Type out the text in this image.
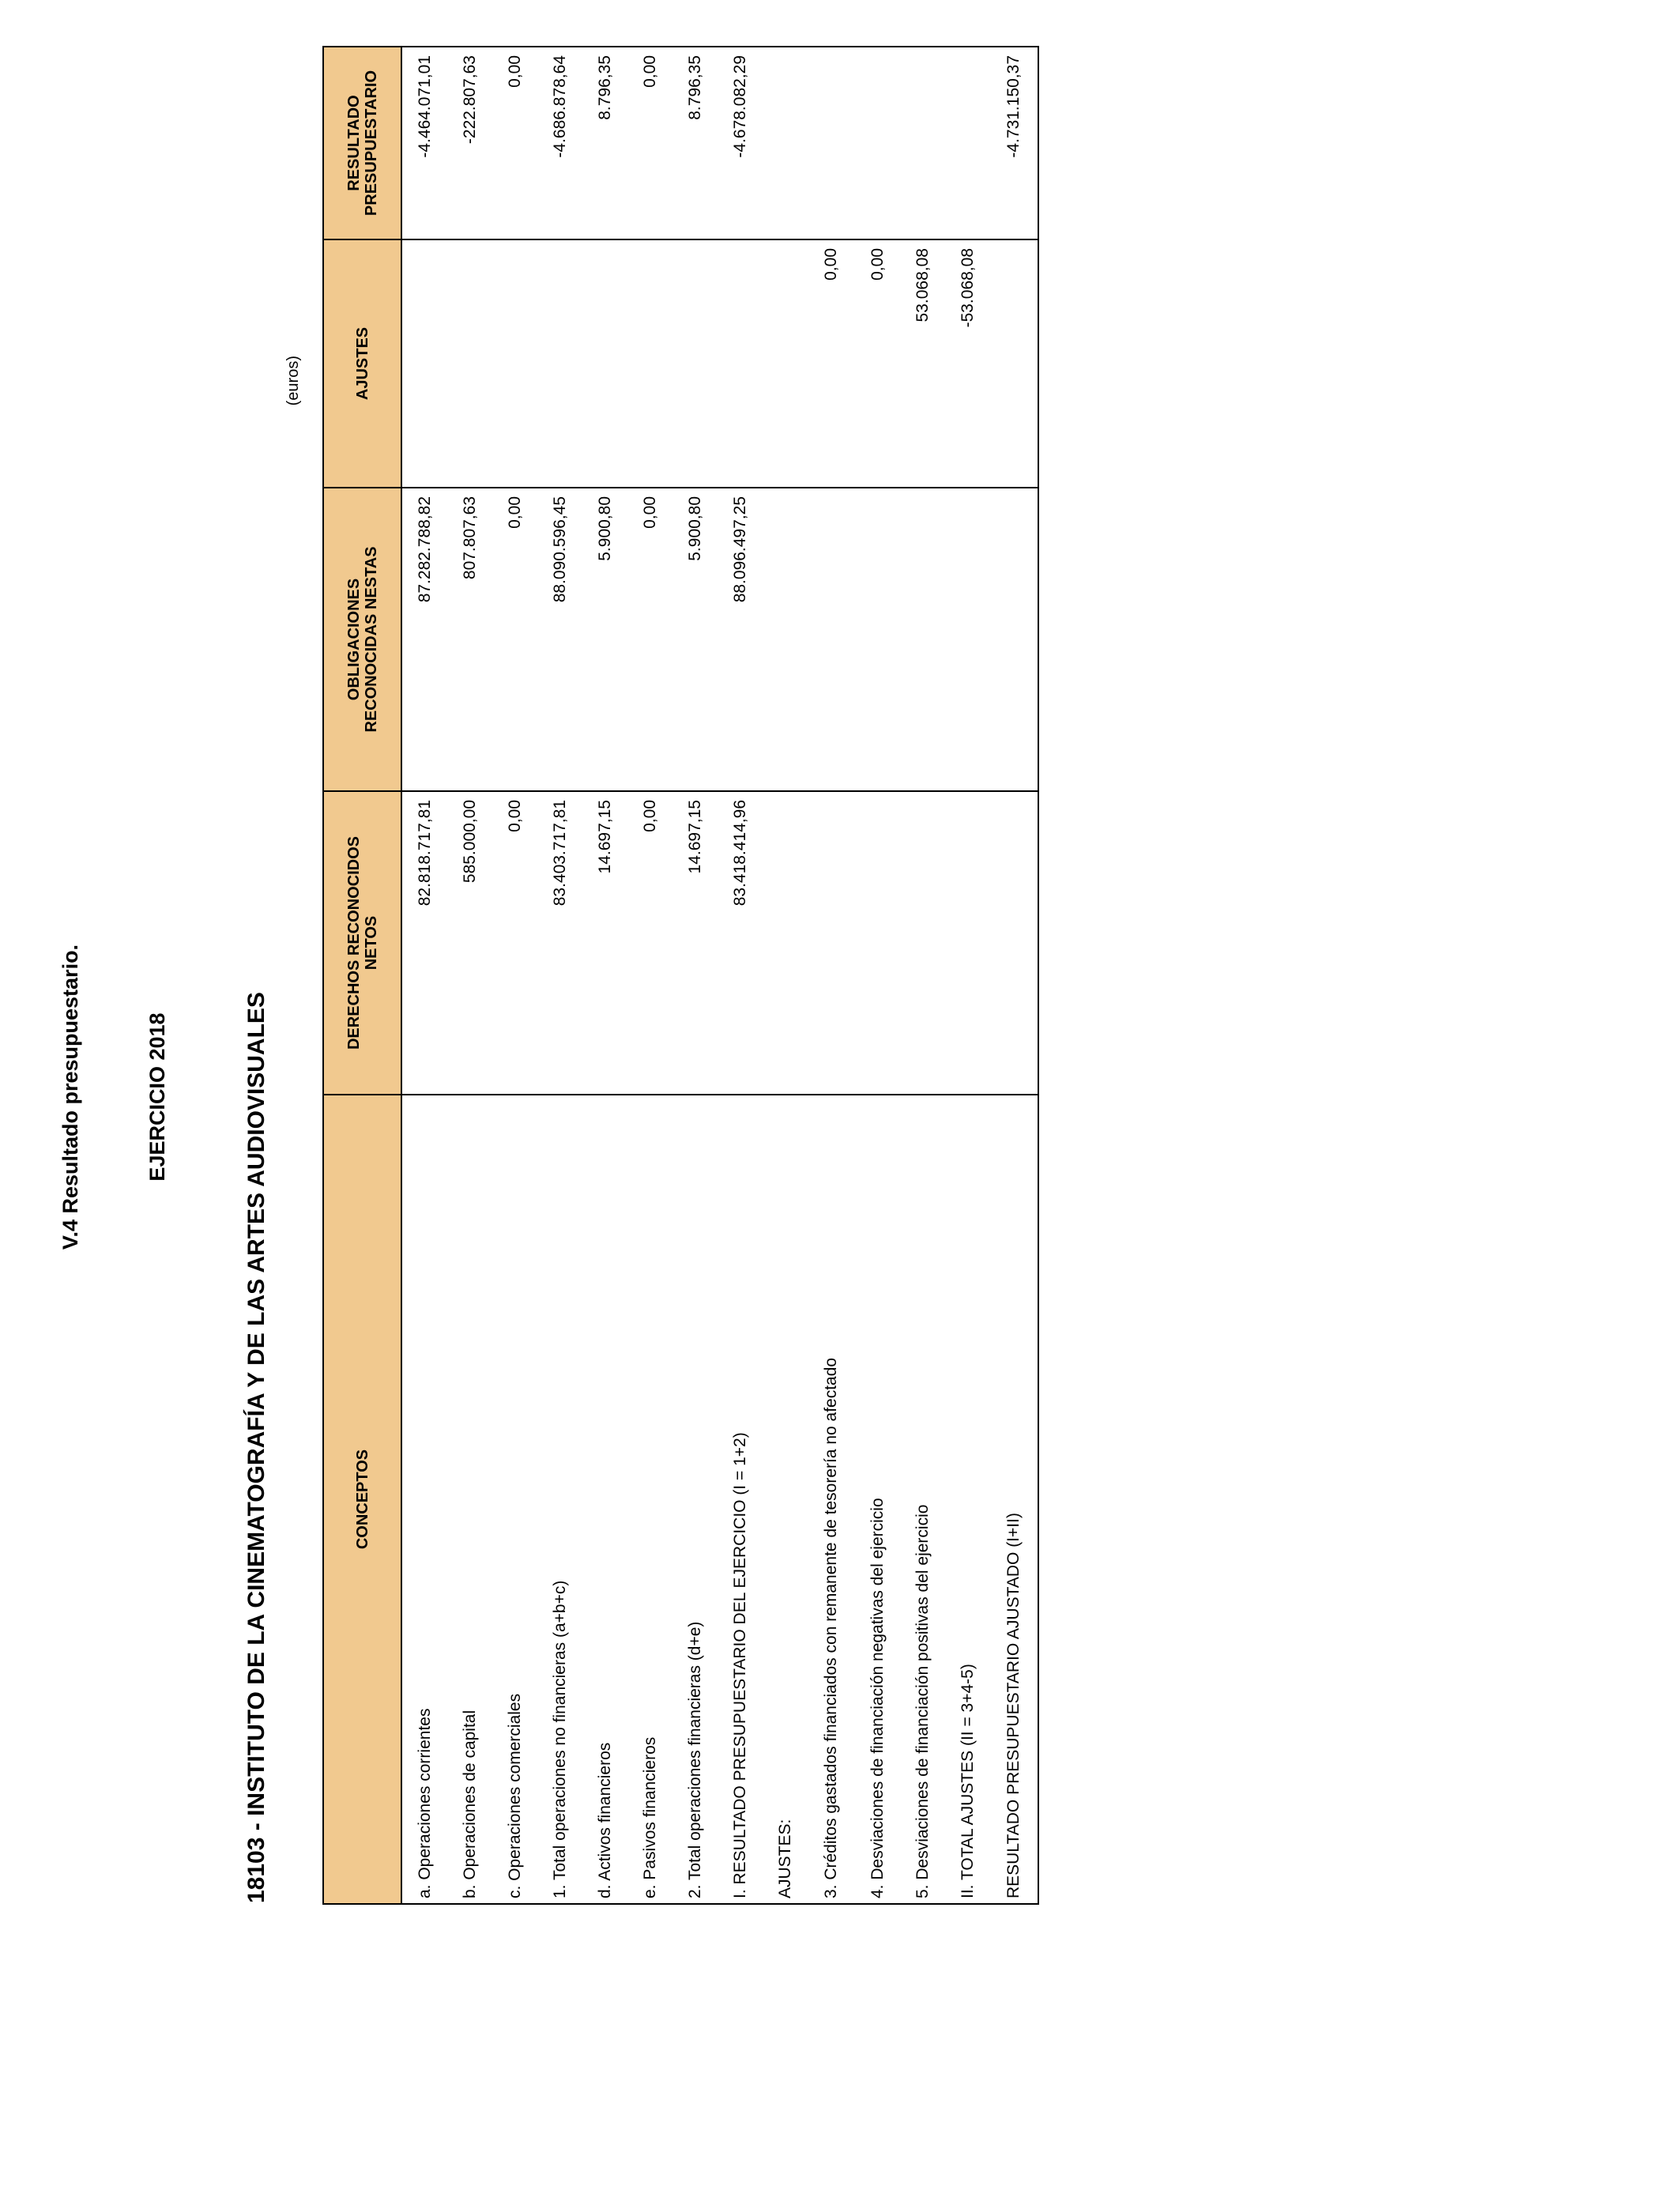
V.4 Resultado presupuestario.	EJERCICIO 2018	18103 - INSTITUTO DE LA CINEMATOGRAFÍA Y DE LAS ARTES AUDIOVISUALES
(euros)
CONCEPTOS	DERECHOS RECONOCIDOS NETOS	OBLIGACIONES RECONOCIDAS NESTAS	AJUSTES	RESULTADO PRESUPUESTARIO

a. Operaciones corrientes	82.818.717,81	87.282.788,82		-4.464.071,01
b. Operaciones de capital	585.000,00	807.807,63		-222.807,63
c. Operaciones comerciales	0,00	0,00		0,00
1. Total operaciones no financieras (a+b+c)	83.403.717,81	88.090.596,45		-4.686.878,64
d. Activos financieros	14.697,15	5.900,80		8.796,35
e. Pasivos financieros	0,00	0,00		0,00
2. Total operaciones financieras (d+e)	14.697,15	5.900,80		8.796,35
I. RESULTADO PRESUPUESTARIO DEL EJERCICIO (I = 1+2)	83.418.414,96	88.096.497,25		-4.678.082,29
AJUSTES:				
3. Créditos gastados financiados con remanente de tesorería no afectado			0,00	
4. Desviaciones de financiación negativas del ejercicio			0,00	
5. Desviaciones de financiación positivas del ejercicio			53.068,08	
II. TOTAL AJUSTES (II = 3+4-5)			-53.068,08	
RESULTADO PRESUPUESTARIO AJUSTADO (I+II)				-4.731.150,37
